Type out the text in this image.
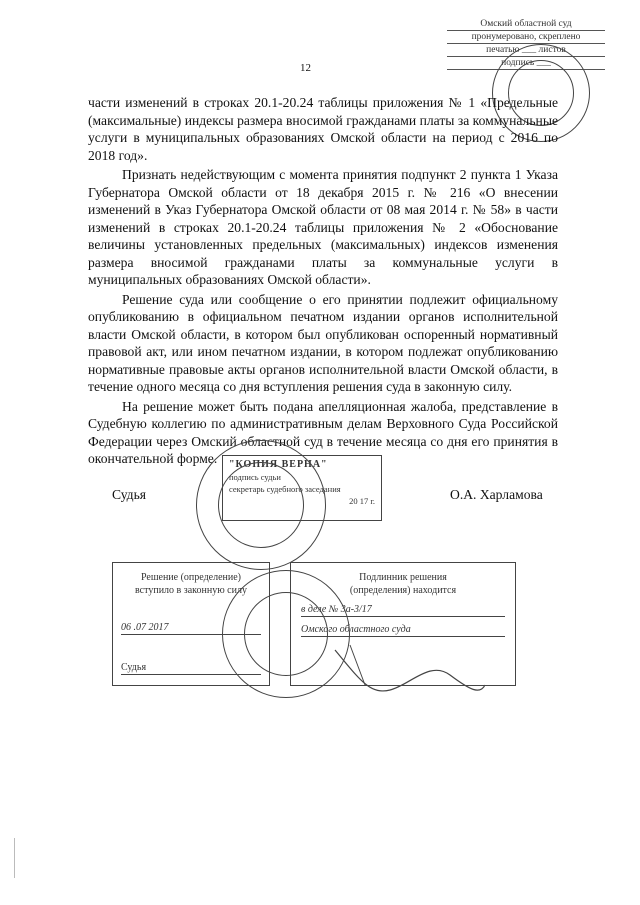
Омский областной суд
пронумеровано, скреплено
печатью ___ листов
подпись ___
12

части изменений в строках 20.1-20.24 таблицы приложения № 1 «Предельные (максимальные) индексы размера вносимой гражданами платы за коммунальные услуги в муниципальных образованиях Омской области на период с 2016 по 2018 год».

Признать недействующим с момента принятия подпункт 2 пункта 1 Указа Губернатора Омской области от 18 декабря 2015 г. № 216 «О внесении изменений в Указ Губернатора Омской области от 08 мая 2014 г. № 58» в части изменений в строках 20.1-20.24 таблицы приложения № 2 «Обоснование величины установленных предельных (максимальных) индексов изменения размера вносимой гражданами платы за коммунальные услуги в муниципальных образованиях Омской области».

Решение суда или сообщение о его принятии подлежит официальному опубликованию в официальном печатном издании органов исполнительной власти Омской области, в котором был опубликован оспоренный нормативный правовой акт, или ином печатном издании, в котором подлежат опубликованию нормативные правовые акты органов исполнительной власти Омской области, в течение одного месяца со дня вступления решения суда в законную силу.

На решение может быть подана апелляционная жалоба, представление в Судебную коллегию по административным делам Верховного Суда Российской Федерации через Омский областной суд в течение месяца со дня его принятия в окончательной форме.

Судья	О.А. Харламова
"КОПИЯ ВЕРНА"
подпись судьи
секретарь судебного заседания
20 17 г.
Решение (определение)
вступило в законную силу
06 .07 2017
Судья
Подлинник решения
(определения) находится
в деле № 3а-3/17
Омского областного суда
